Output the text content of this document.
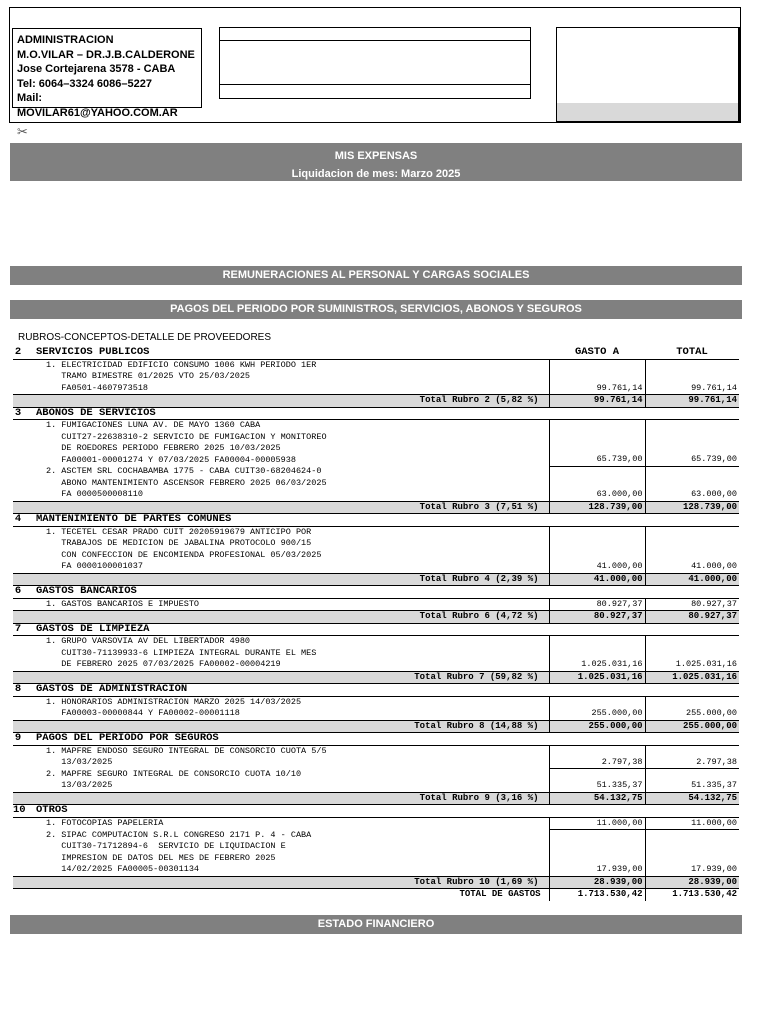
ADMINISTRACION
M.O.VILAR – DR.J.B.CALDERONE
Jose Cortejarena 3578 - CABA
Tel: 6064–3324 6086–5227
Mail: MOVILAR61@YAHOO.COM.AR
✂
MIS EXPENSAS
Liquidacion de mes: Marzo 2025
REMUNERACIONES AL PERSONAL Y CARGAS SOCIALES
PAGOS DEL PERIODO POR SUMINISTROS, SERVICIOS, ABONOS Y SEGUROS
RUBROS-CONCEPTOS-DETALLE DE PROVEEDORES
2	SERVICIOS PUBLICOS	GASTO A	TOTAL
	1. ELECTRICIDAD EDIFICIO CONSUMO 1006 KWH PERIODO 1ER
TRAMO BIMESTRE 01/2025 VTO 25/03/2025
FA0501-4607973518	99.761,14	99.761,14
	Total Rubro 2 (5,82 %)	99.761,14	99.761,14
3	ABONOS DE SERVICIOS		
	1. FUMIGACIONES LUNA AV. DE MAYO 1360 CABA
CUIT27-22638310-2 SERVICIO DE FUMIGACION Y MONITOREO
DE ROEDORES PERIODO FEBRERO 2025 10/03/2025
FA00001-00001274 Y 07/03/2025 FA00004-00005938	65.739,00	65.739,00
	2. ASCTEM SRL COCHABAMBA 1775 - CABA CUIT30-68204624-0
ABONO MANTENIMIENTO ASCENSOR FEBRERO 2025 06/03/2025
FA 0000500008110	63.000,00	63.000,00
	Total Rubro 3 (7,51 %)	128.739,00	128.739,00
4	MANTENIMIENTO DE PARTES COMUNES		
	1. TECETEL CESAR PRADO CUIT 20205919679 ANTICIPO POR
TRABAJOS DE MEDICION DE JABALINA PROTOCOLO 900/15
CON CONFECCION DE ENCOMIENDA PROFESIONAL 05/03/2025
FA 0000100001037	41.000,00	41.000,00
	Total Rubro 4 (2,39 %)	41.000,00	41.000,00
6	GASTOS BANCARIOS		
	1. GASTOS BANCARIOS E IMPUESTO	80.927,37	80.927,37
	Total Rubro 6 (4,72 %)	80.927,37	80.927,37
7	GASTOS DE LIMPIEZA		
	1. GRUPO VARSOVIA AV DEL LIBERTADOR 4980
CUIT30-71139933-6 LIMPIEZA INTEGRAL DURANTE EL MES
DE FEBRERO 2025 07/03/2025 FA00002-00004219	1.025.031,16	1.025.031,16
	Total Rubro 7 (59,82 %)	1.025.031,16	1.025.031,16
8	GASTOS DE ADMINISTRACION		
	1. HONORARIOS ADMINISTRACION MARZO 2025 14/03/2025
FA00003-00000844 Y FA00002-00001118	255.000,00	255.000,00
	Total Rubro 8 (14,88 %)	255.000,00	255.000,00
9	PAGOS DEL PERIODO POR SEGUROS		
	1. MAPFRE ENDOSO SEGURO INTEGRAL DE CONSORCIO CUOTA 5/5
13/03/2025	2.797,38	2.797,38
	2. MAPFRE SEGURO INTEGRAL DE CONSORCIO CUOTA 10/10
13/03/2025	51.335,37	51.335,37
	Total Rubro 9 (3,16 %)	54.132,75	54.132,75
10	OTROS		
	1. FOTOCOPIAS PAPELERIA	11.000,00	11.000,00
	2. SIPAC COMPUTACION S.R.L CONGRESO 2171 P. 4 - CABA
CUIT30-71712894-6  SERVICIO DE LIQUIDACION E
IMPRESION DE DATOS DEL MES DE FEBRERO 2025
14/02/2025 FA00005-00301134	17.939,00	17.939,00
	Total Rubro 10 (1,69 %)	28.939,00	28.939,00
	TOTAL DE GASTOS	1.713.530,42	1.713.530,42
ESTADO FINANCIERO
